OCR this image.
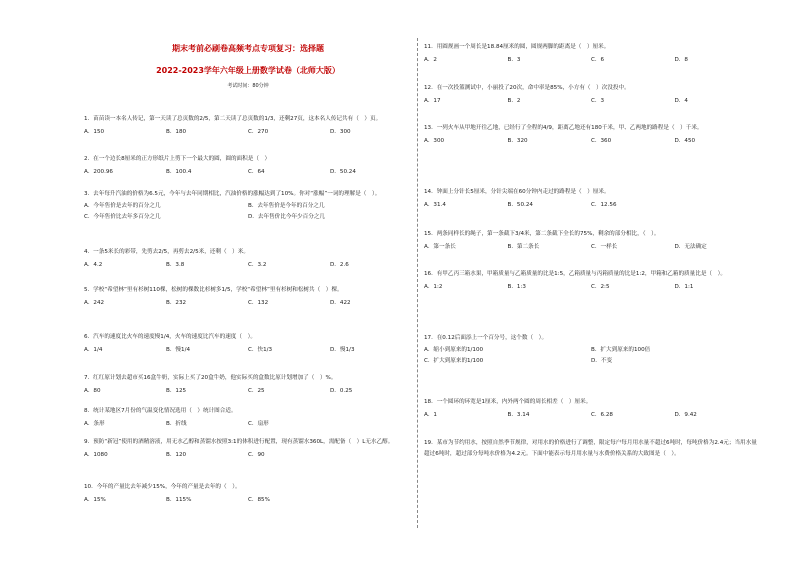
期末考前必刷卷高频考点专项复习：选择题
2022-2023学年六年级上册数学试卷（北师大版）
考试时间：80分钟
1．苗苗读一本名人传记，第一天读了总页数的2/5，第二天读了总页数的1/3，还剩27页，这本名人传记共有（　）页。
A．150	B．180	C．270	D．300
2．在一个边长8厘米的正方形纸片上剪下一个最大的圆，圆的面积是（　）
A．200.96	B．100.4	C．64	D．50.24
3．去年每升汽油的价格为6.5元，今年与去年同期相比，汽油价格的涨幅达到了10%。你对“涨幅”一词的理解是（　）。
A．今年售价是去年的百分之几	B．去年售价是今年的百分之几
C．今年售价比去年多百分之几	D．去年售价比今年少百分之几
4．一条5米长的彩带，先剪去2/5，再剪去2/5米，还剩（　）米。
A．4.2	B．3.8	C．3.2	D．2.6
5．学校“希望林”里有杉树110棵，松树的棵数比杉树多1/5，学校“希望林”里有杉树和松树共（　）棵。
A．242	B．232	C．132	D．422
6．汽车的速度比火车的速度慢1/4，火车的速度比汽车的速度（　）。
A．1/4	B．慢1/4	C．快1/3	D．慢1/3
7．红红原计划去超市买16盒牛奶，实际上买了20盒牛奶，他实际买的盒数比原计划增加了（　）%。
A．80	B．125	C．25	D．0.25
8．统计某地区7月份的气温变化情况选用（　）统计图合适。
A．条形	B．折线	C．扇形
9．预防“新冠”使用的酒精溶液，用无水乙醇和蒸馏水按照3:1的体积进行配置，现有蒸馏水360L，需配备（　）L无水乙醇。
A．1080	B．120	C．90
10．今年的产量比去年减少15%，今年的产量是去年的（　）。
A．15%	B．115%	C．85%
11．用圆规画一个周长是18.84厘米的圆，圆规两脚的距离是（　）厘米。
A．2	B．3	C．6	D．8
12．在一次投篮测试中，小丽投了20次，命中率是85%，小方有（　）次没投中。
A．17	B．2	C．3	D．4
13．一列火车从甲地开往乙地，已经行了全程的4/9，距离乙地还有180千米，甲、乙两地的路程是（　）千米。
A．300	B．320	C．360	D．450
14．钟面上分针长5厘米，分针尖端在60分钟内走过的路程是（　）厘米。
A．31.4	B．50.24	C．12.56
15．两条同样长的绳子，第一条截下3/4米，第二条截下全长的75%，剩余的部分相比，（　）。
A．第一条长	B．第二条长	C．一样长	D．无法确定
16．有甲乙丙三箱水果，甲箱质量与乙箱质量的比是1:5，乙箱质量与丙箱质量的比是1:2，甲箱和乙箱的质量比是（　）。
A．1:2	B．1:3	C．2:5	D．1:1
17．在0.12后面添上一个百分号，这个数（　）。
A．缩小到原来的1/100	B．扩大到原来的100倍
C．扩大到原来的1/100	D．不变
18．一个圆环的环宽是1厘米，内外两个圆的周长相差（　）厘米。
A．1	B．3.14	C．6.28	D．9.42
19．某市为节约用水，按照自然季节规律，对用水的价格进行了调整，限定每户每月用水量不超过6吨时，每吨价格为2.4元；当用水量超过6吨时，超过部分每吨水价格为4.2元。下面中能表示每月用水量与水费价格关系的大致图是（　）。
